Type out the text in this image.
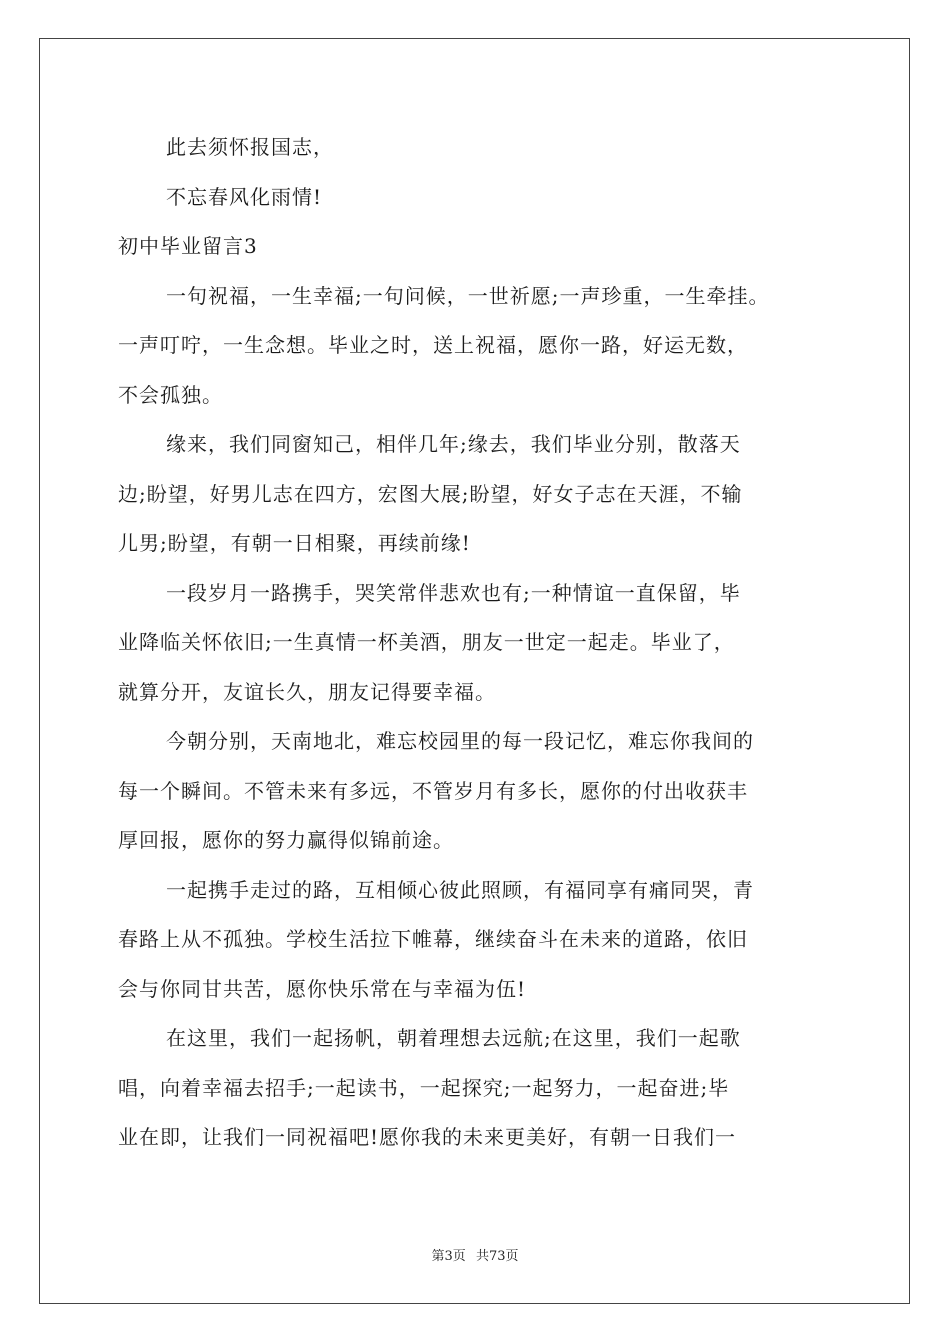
此去须怀报国志，
不忘春风化雨情!
初中毕业留言3
一句祝福，一生幸福;一句问候，一世祈愿;一声珍重，一生牵挂。
一声叮咛，一生念想。毕业之时，送上祝福，愿你一路，好运无数，
不会孤独。
缘来，我们同窗知己，相伴几年;缘去，我们毕业分别，散落天
边;盼望，好男儿志在四方，宏图大展;盼望，好女子志在天涯，不输
儿男;盼望，有朝一日相聚，再续前缘!
一段岁月一路携手，哭笑常伴悲欢也有;一种情谊一直保留，毕
业降临关怀依旧;一生真情一杯美酒，朋友一世定一起走。毕业了，
就算分开，友谊长久，朋友记得要幸福。
今朝分别，天南地北，难忘校园里的每一段记忆，难忘你我间的
每一个瞬间。不管未来有多远，不管岁月有多长，愿你的付出收获丰
厚回报，愿你的努力赢得似锦前途。
一起携手走过的路，互相倾心彼此照顾，有福同享有痛同哭，青
春路上从不孤独。学校生活拉下帷幕，继续奋斗在未来的道路，依旧
会与你同甘共苦，愿你快乐常在与幸福为伍!
在这里，我们一起扬帆，朝着理想去远航;在这里，我们一起歌
唱，向着幸福去招手;一起读书，一起探究;一起努力，一起奋进;毕
业在即，让我们一同祝福吧!愿你我的未来更美好，有朝一日我们一
第3页 共73页
